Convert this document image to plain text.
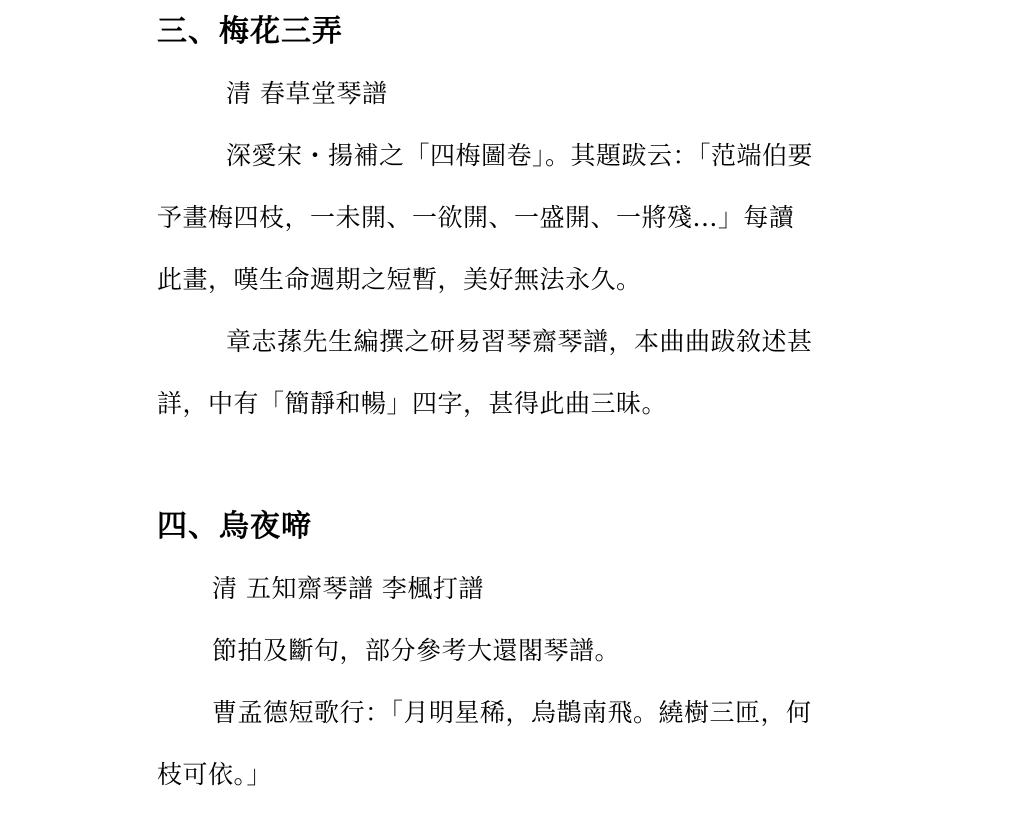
三、梅花三弄
清 春草堂琴譜
深愛宋・揚補之「四梅圖卷」。其題跋云：「范端伯要
予畫梅四枝，一未開、一欲開、一盛開、一將殘...」每讀
此畫，嘆生命週期之短暫，美好無法永久。
章志蓀先生編撰之研易習琴齋琴譜，本曲曲跋敘述甚
詳，中有「簡靜和暢」四字，甚得此曲三昧。
四、烏夜啼
清 五知齋琴譜 李楓打譜
節拍及斷句，部分參考大還閣琴譜。
曹孟德短歌行：「月明星稀，烏鵲南飛。繞樹三匝，何
枝可依。」
